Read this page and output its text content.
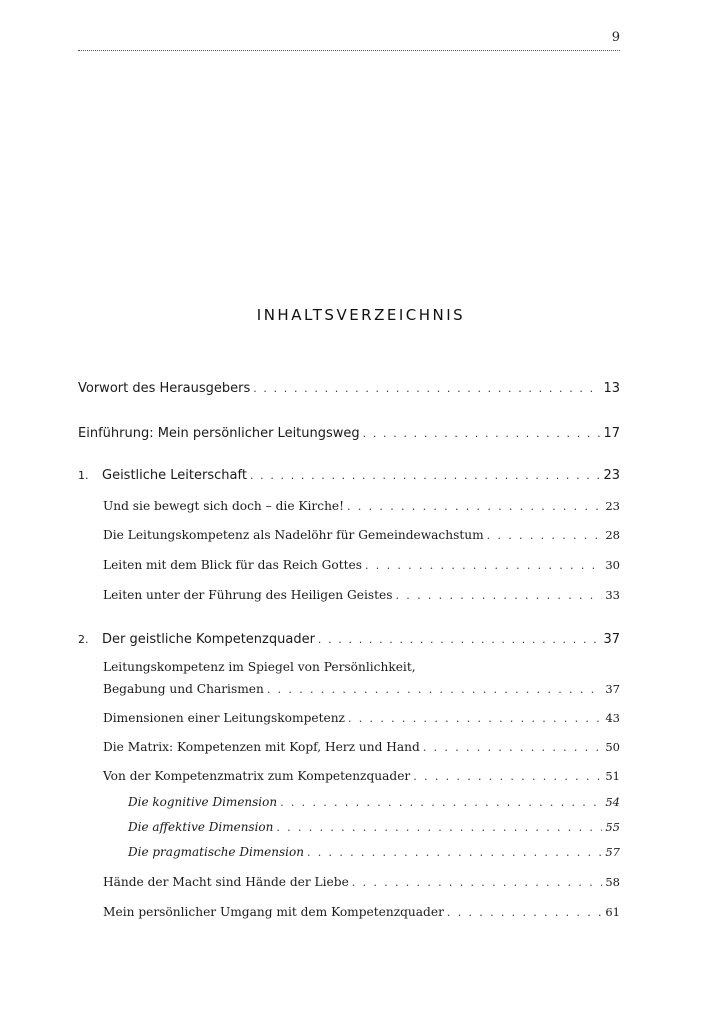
9
INHALTSVERZEICHNIS
Vorwort des Herausgebers . . .	13
Einführung: Mein persönlicher Leitungsweg . . .	17
1. Geistliche Leiterschaft . . .	23
Und sie bewegt sich doch – die Kirche! . . .	23
Die Leitungskompetenz als Nadelöhr für Gemeindewachstum . . .	28
Leiten mit dem Blick für das Reich Gottes . . .	30
Leiten unter der Führung des Heiligen Geistes . . .	33
2. Der geistliche Kompetenzquader . . .	37
Leitungskompetenz im Spiegel von Persönlichkeit,
Begabung und Charismen . . .	37
Dimensionen einer Leitungskompetenz . . .	43
Die Matrix: Kompetenzen mit Kopf, Herz und Hand . . .	50
Von der Kompetenzmatrix zum Kompetenzquader . . .	51
Die kognitive Dimension . . .	54
Die affektive Dimension . . .	55
Die pragmatische Dimension . . .	57
Hände der Macht sind Hände der Liebe . . .	58
Mein persönlicher Umgang mit dem Kompetenzquader . . .	61
